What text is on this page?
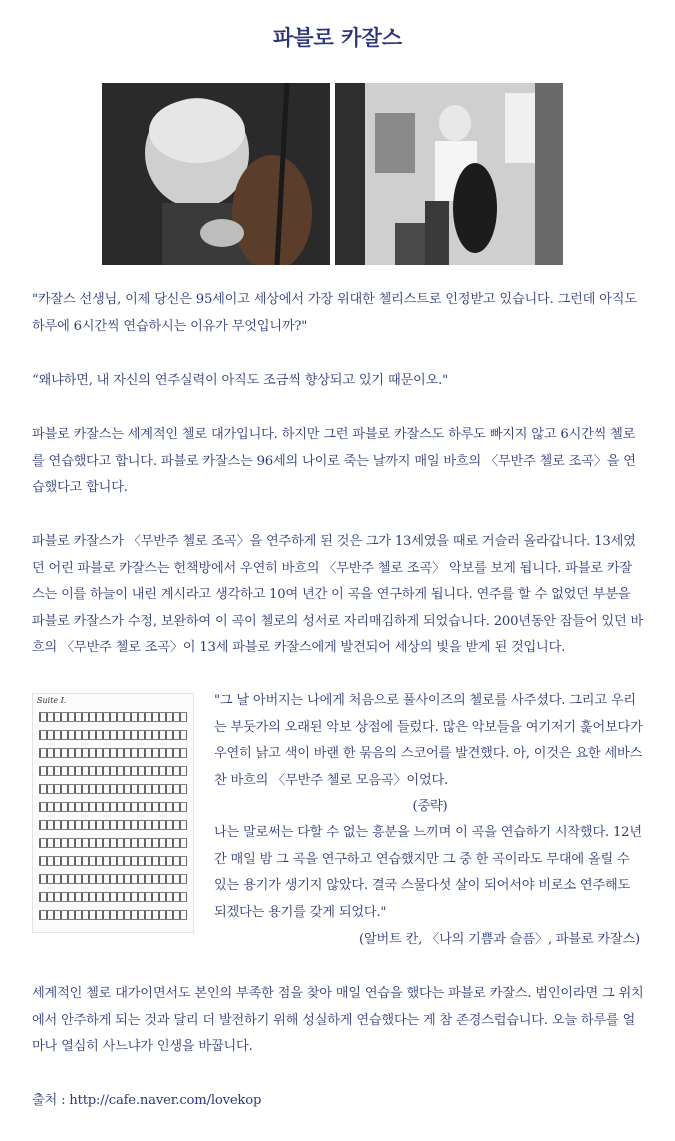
파블로 카잘스

"카잘스 선생님, 이제 당신은 95세이고 세상에서 가장 위대한 첼리스트로 인정받고 있습니다. 그런데 아직도 하루에 6시간씩 연습하시는 이유가 무엇입니까?"

“왜냐하면, 내 자신의 연주실력이 아직도 조금씩 향상되고 있기 때문이오."

파블로 카잘스는 세계적인 첼로 대가입니다. 하지만 그런 파블로 카잘스도 하루도 빠지지 않고 6시간씩 첼로를 연습했다고 합니다. 파블로 카잘스는 96세의 나이로 죽는 날까지 매일 바흐의 〈무반주 첼로 조곡〉을 연습했다고 합니다.

파블로 카잘스가 〈무반주 첼로 조곡〉을 연주하게 된 것은 그가 13세였을 때로 거슬러 올라갑니다. 13세였던 어린 파블로 카잘스는 헌책방에서 우연히 바흐의 〈무반주 첼로 조곡〉 악보를 보게 됩니다. 파블로 카잘스는 이를 하늘이 내린 계시라고 생각하고 10여 년간 이 곡을 연구하게 됩니다. 연주를 할 수 없었던 부분을 파블로 카잘스가 수정, 보완하여 이 곡이 첼로의 성서로 자리매김하게 되었습니다. 200년동안 잠들어 있던 바흐의 〈무반주 첼로 조곡〉이 13세 파블로 카잘스에게 발견되어 세상의 빛을 받게 된 것입니다.

Suite I.	"그 날 아버지는 나에게 처음으로 풀사이즈의 첼로를 사주셨다. 그리고 우리는 부둣가의 오래된 악보 상점에 들렀다. 많은 악보들을 여기저기 훑어보다가 우연히 낡고 색이 바랜 한 묶음의 스코어를 발견했다. 아, 이것은 요한 세바스찬 바흐의 〈무반주 첼로 모음곡〉이었다.

(중략)

나는 말로써는 다할 수 없는 흥분을 느끼며 이 곡을 연습하기 시작했다. 12년간 매일 밤 그 곡을 연구하고 연습했지만 그 중 한 곡이라도 무대에 올릴 수 있는 용기가 생기지 않았다. 결국 스물다섯 살이 되어서야 비로소 연주해도 되겠다는 용기를 갖게 되었다."

(알버트 칸, 〈나의 기쁨과 슬픔〉, 파블로 카잘스)

세계적인 첼로 대가이면서도 본인의 부족한 점을 찾아 매일 연습을 했다는 파블로 카잘스. 범인이라면 그 위치에서 안주하게 되는 것과 달리 더 발전하기 위해 성실하게 연습했다는 게 참 존경스럽습니다. 오늘 하루를 얼마나 열심히 사느냐가 인생을 바꿉니다.

출처 : http://cafe.naver.com/lovekop
